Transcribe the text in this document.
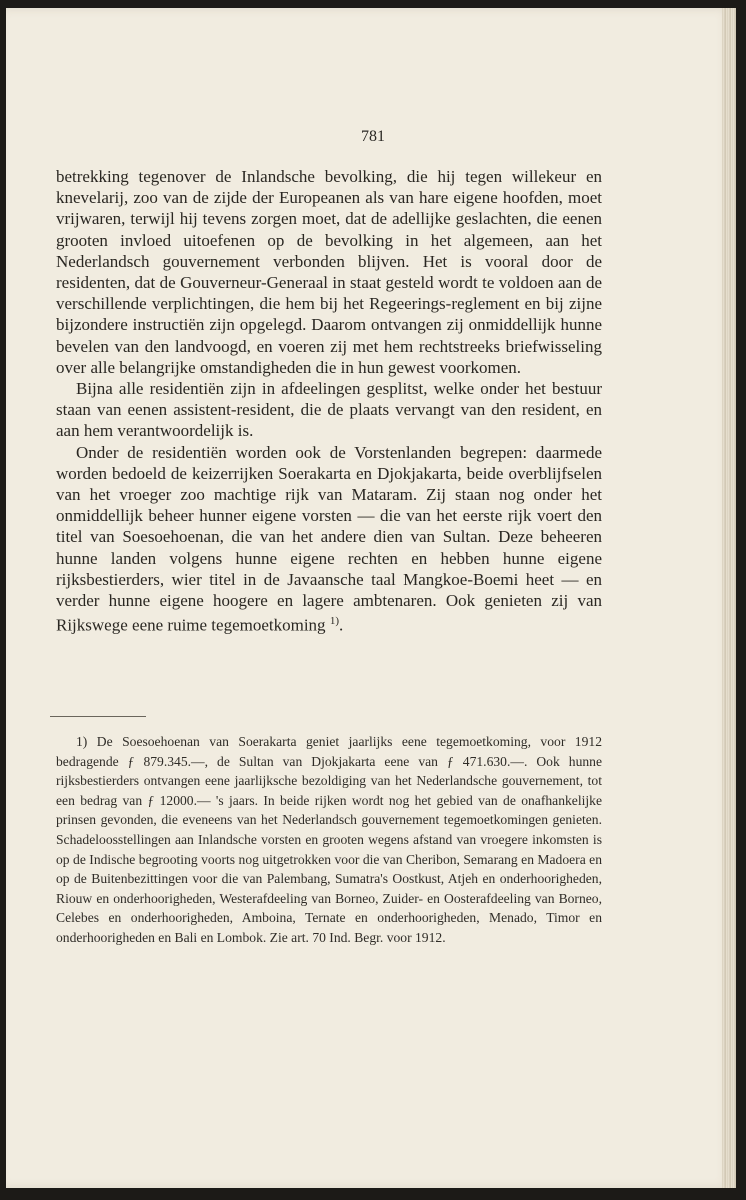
781

betrekking tegenover de Inlandsche bevolking, die hij tegen willekeur en knevelarij, zoo van de zijde der Europeanen als van hare eigene hoofden, moet vrijwaren, terwijl hij tevens zorgen moet, dat de adellijke geslachten, die eenen grooten invloed uitoefenen op de bevolking in het algemeen, aan het Nederlandsch gouvernement verbonden blijven. Het is vooral door de residenten, dat de Gouverneur-Generaal in staat gesteld wordt te voldoen aan de verschillende verplichtingen, die hem bij het Regeerings-reglement en bij zijne bijzondere instructiën zijn opgelegd. Daarom ontvangen zij onmiddellijk hunne bevelen van den landvoogd, en voeren zij met hem rechtstreeks briefwisseling over alle belangrijke omstandigheden die in hun gewest voorkomen.

Bijna alle residentiën zijn in afdeelingen gesplitst, welke onder het bestuur staan van eenen assistent-resident, die de plaats vervangt van den resident, en aan hem verantwoordelijk is.

Onder de residentiën worden ook de Vorstenlanden begrepen: daarmede worden bedoeld de keizerrijken Soerakarta en Djokjakarta, beide overblijfselen van het vroeger zoo machtige rijk van Mataram. Zij staan nog onder het onmiddellijk beheer hunner eigene vorsten — die van het eerste rijk voert den titel van Soesoehoenan, die van het andere dien van Sultan. Deze beheeren hunne landen volgens hunne eigene rechten en hebben hunne eigene rijksbestierders, wier titel in de Javaansche taal Mangkoe-Boemi heet — en verder hunne eigene hoogere en lagere ambtenaren. Ook genieten zij van Rijkswege eene ruime tegemoetkoming $^{1)}$.

1) De Soesoehoenan van Soerakarta geniet jaarlijks eene tegemoetkoming, voor 1912 bedragende ƒ 879.345.—, de Sultan van Djokjakarta eene van ƒ 471.630.—. Ook hunne rijksbestierders ontvangen eene jaarlijksche bezoldiging van het Nederlandsche gouvernement, tot een bedrag van ƒ 12000.— 's jaars. In beide rijken wordt nog het gebied van de onafhankelijke prinsen gevonden, die eveneens van het Nederlandsch gouvernement tegemoetkomingen genieten. Schadeloosstellingen aan Inlandsche vorsten en grooten wegens afstand van vroegere inkomsten is op de Indische begrooting voorts nog uitgetrokken voor die van Cheribon, Semarang en Madoera en op de Buitenbezittingen voor die van Palembang, Sumatra's Oostkust, Atjeh en onderhoorigheden, Riouw en onderhoorigheden, Westerafdeeling van Borneo, Zuider- en Oosterafdeeling van Borneo, Celebes en onderhoorigheden, Amboina, Ternate en onderhoorigheden, Menado, Timor en onderhoorigheden en Bali en Lombok. Zie art. 70 Ind. Begr. voor 1912.
